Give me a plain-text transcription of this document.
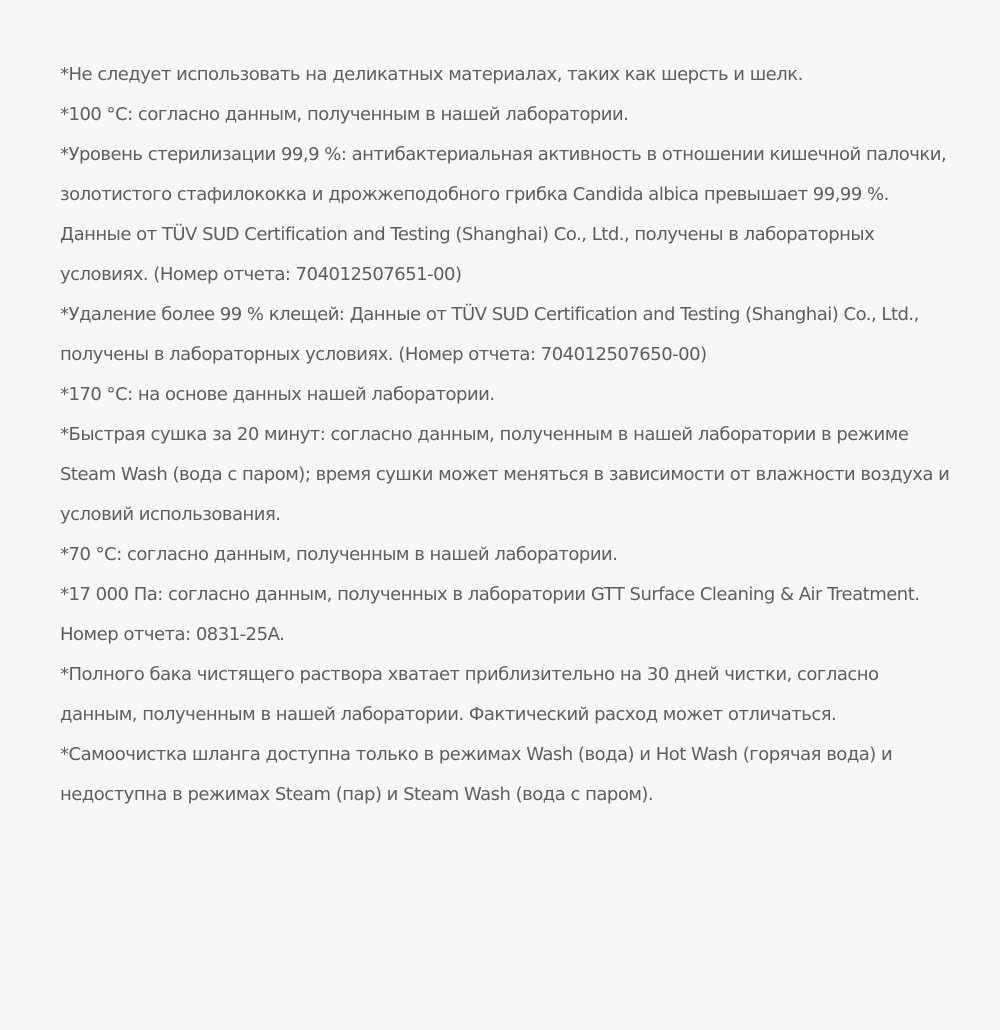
*Не следует использовать на деликатных материалах, таких как шерсть и шелк.
*100 °C: согласно данным, полученным в нашей лаборатории.
*Уровень стерилизации 99,9 %: антибактериальная активность в отношении кишечной палочки, золотистого стафилококка и дрожжеподобного грибка Candida albica превышает 99,99 %. Данные от TÜV SUD Certification and Testing (Shanghai) Co., Ltd., получены в лабораторных условиях. (Номер отчета: 704012507651-00)
*Удаление более 99 % клещей: Данные от TÜV SUD Certification and Testing (Shanghai) Co., Ltd., получены в лабораторных условиях. (Номер отчета: 704012507650-00)
*170 °C: на основе данных нашей лаборатории.
*Быстрая сушка за 20 минут: согласно данным, полученным в нашей лаборатории в режиме Steam Wash (вода с паром); время сушки может меняться в зависимости от влажности воздуха и условий использования.
*70 °C: согласно данным, полученным в нашей лаборатории.
*17 000 Па: согласно данным, полученных в лаборатории GTT Surface Cleaning & Air Treatment. Номер отчета: 0831-25A.
*Полного бака чистящего раствора хватает приблизительно на 30 дней чистки, согласно данным, полученным в нашей лаборатории. Фактический расход может отличаться.
*Самоочистка шланга доступна только в режимах Wash (вода) и Hot Wash (горячая вода) и недоступна в режимах Steam (пар) и Steam Wash (вода с паром).
